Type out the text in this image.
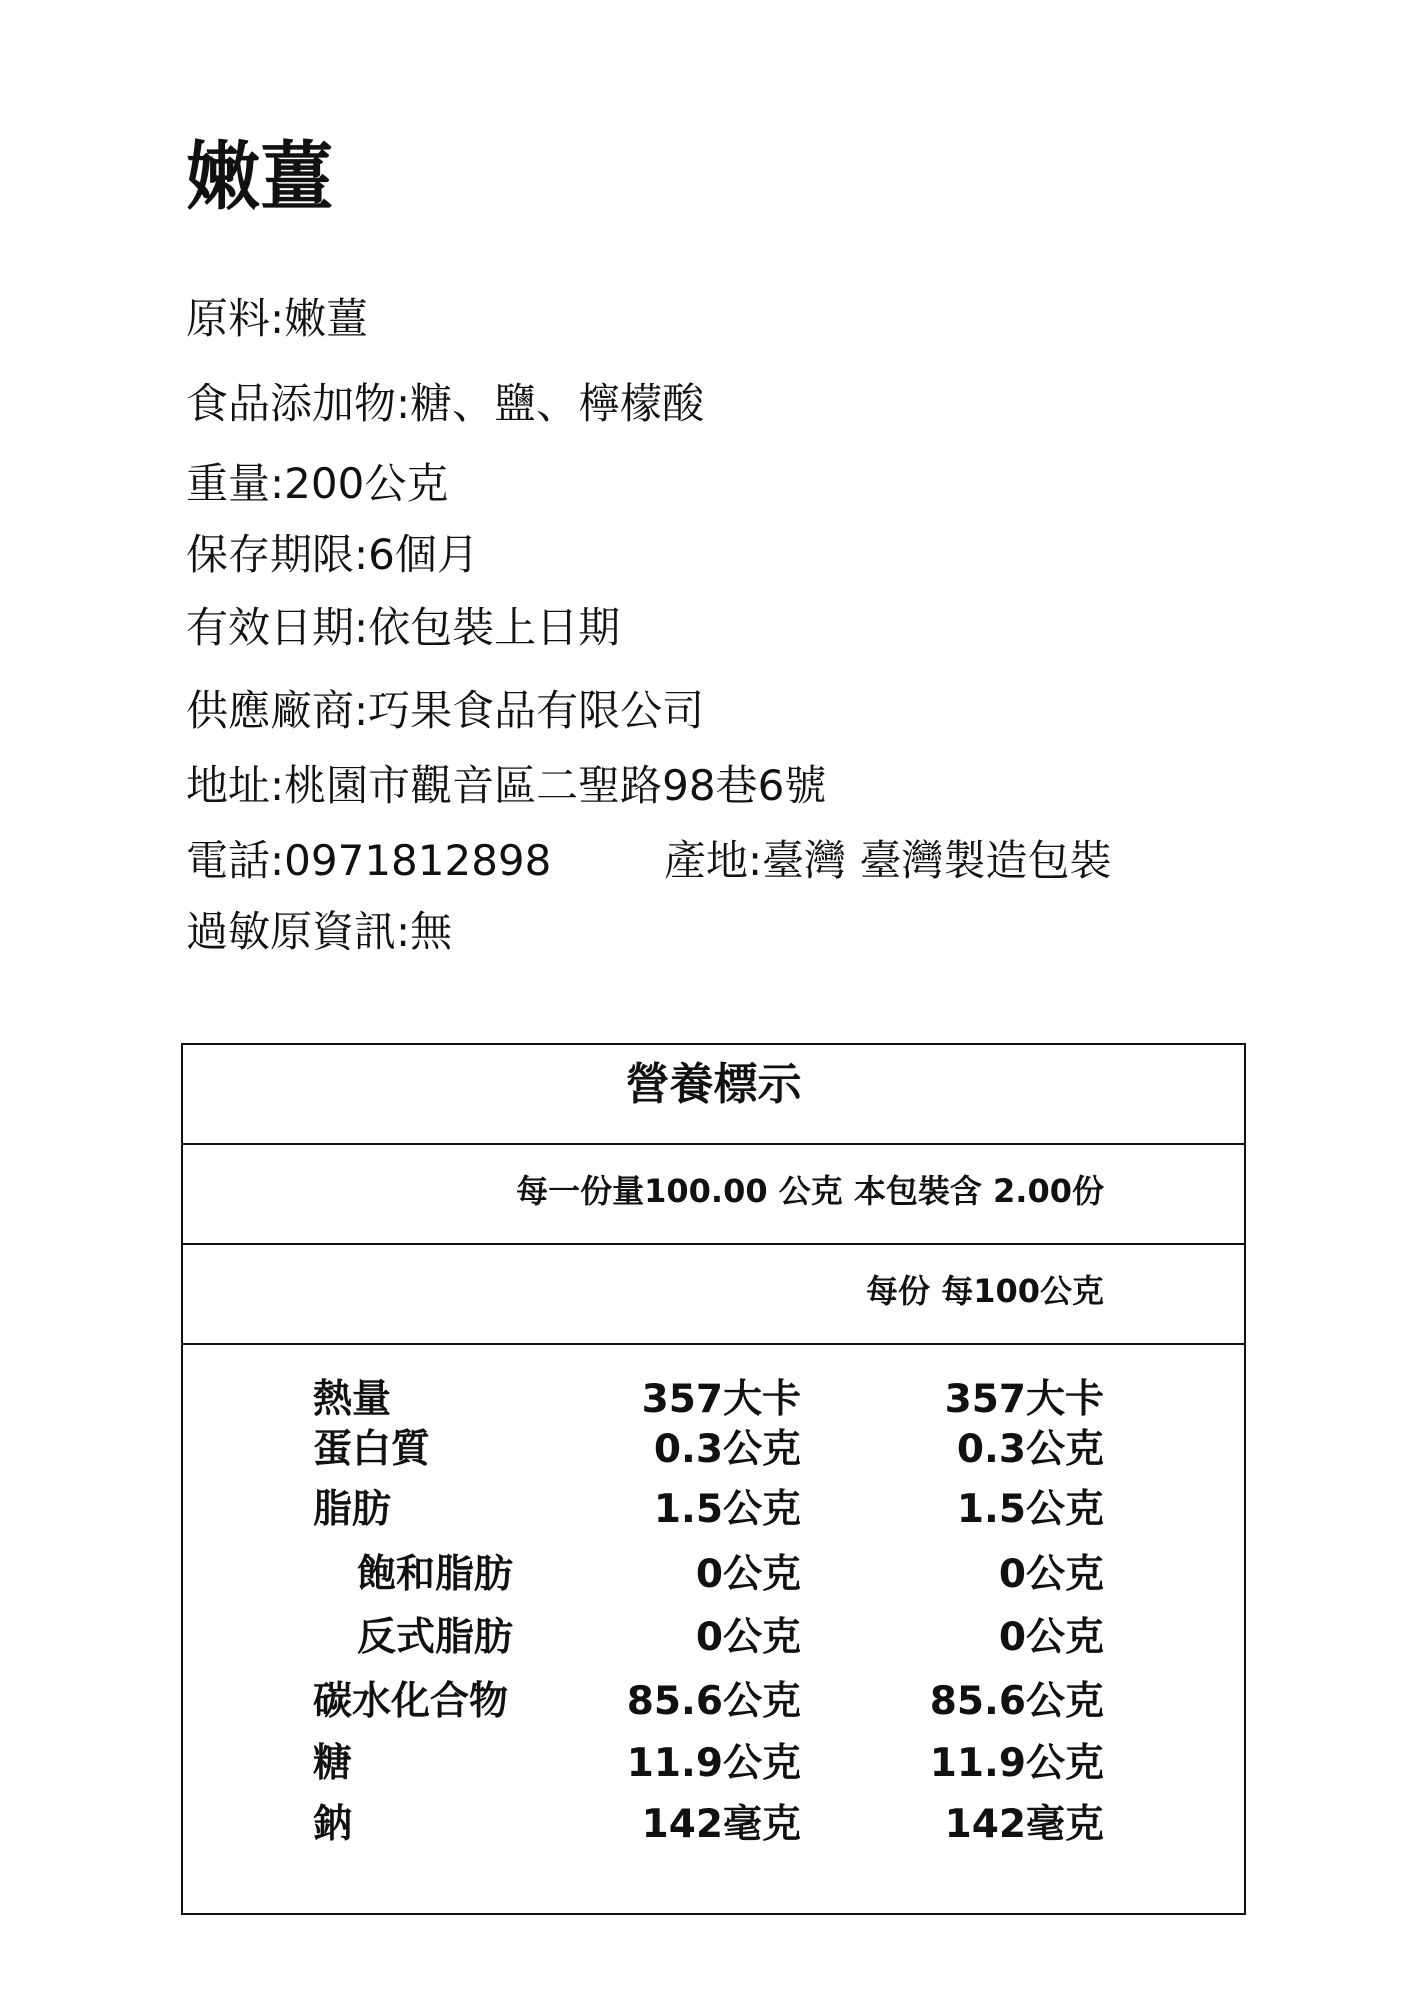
嫩薑
原料:嫩薑
食品添加物:糖、鹽、檸檬酸
重量:200公克
保存期限:6個月
有效日期:依包裝上日期
供應廠商:巧果食品有限公司
地址:桃園市觀音區二聖路98巷6號
電話:0971812898	產地:臺灣 臺灣製造包裝
過敏原資訊:無
營養標示
每一份量100.00 公克 本包裝含 2.00份
每份 每100公克
熱量	357大卡	357大卡
蛋白質	0.3公克	0.3公克
脂肪	1.5公克	1.5公克
飽和脂肪	0公克	0公克
反式脂肪	0公克	0公克
碳水化合物	85.6公克	85.6公克
糖	11.9公克	11.9公克
鈉	142毫克	142毫克
